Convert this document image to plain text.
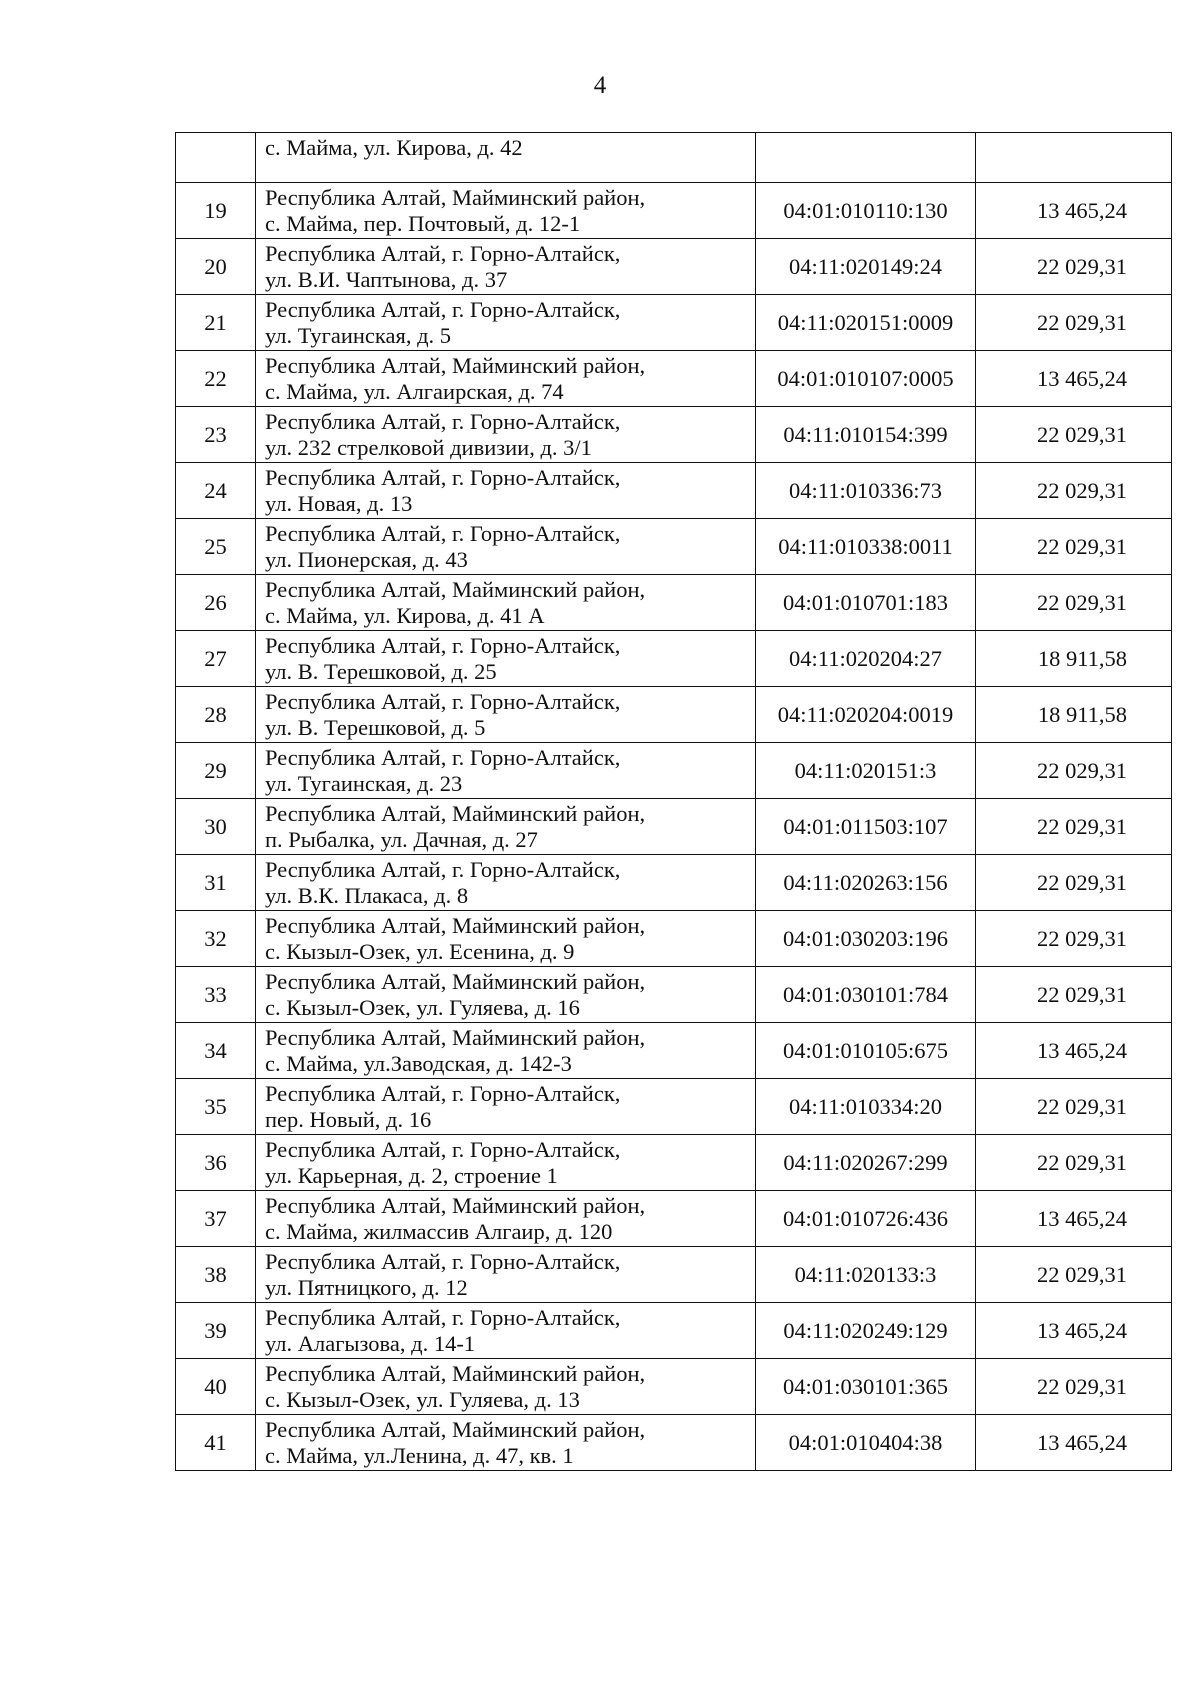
4

	с. Майма, ул. Кирова, д. 42		

19	Республика Алтай, Майминский район,
с. Майма, пер. Почтовый, д. 12-1	04:01:010110:130	13 465,24
20	Республика Алтай, г. Горно-Алтайск,
ул. В.И. Чаптынова, д. 37	04:11:020149:24	22 029,31
21	Республика Алтай, г. Горно-Алтайск,
ул. Тугаинская, д. 5	04:11:020151:0009	22 029,31
22	Республика Алтай, Майминский район,
с. Майма, ул. Алгаирская, д. 74	04:01:010107:0005	13 465,24
23	Республика Алтай, г. Горно-Алтайск,
ул. 232 стрелковой дивизии, д. 3/1	04:11:010154:399	22 029,31
24	Республика Алтай, г. Горно-Алтайск,
ул. Новая, д. 13	04:11:010336:73	22 029,31
25	Республика Алтай, г. Горно-Алтайск,
ул. Пионерская, д. 43	04:11:010338:0011	22 029,31
26	Республика Алтай, Майминский район,
с. Майма, ул. Кирова, д. 41 А	04:01:010701:183	22 029,31
27	Республика Алтай, г. Горно-Алтайск,
ул. В. Терешковой, д. 25	04:11:020204:27	18 911,58
28	Республика Алтай, г. Горно-Алтайск,
ул. В. Терешковой, д. 5	04:11:020204:0019	18 911,58
29	Республика Алтай, г. Горно-Алтайск,
ул. Тугаинская, д. 23	04:11:020151:3	22 029,31
30	Республика Алтай, Майминский район,
п. Рыбалка, ул. Дачная, д. 27	04:01:011503:107	22 029,31
31	Республика Алтай, г. Горно-Алтайск,
ул. В.К. Плакаса, д. 8	04:11:020263:156	22 029,31
32	Республика Алтай, Майминский район,
с. Кызыл-Озек, ул. Есенина, д. 9	04:01:030203:196	22 029,31
33	Республика Алтай, Майминский район,
с. Кызыл-Озек, ул. Гуляева, д. 16	04:01:030101:784	22 029,31
34	Республика Алтай, Майминский район,
с. Майма, ул.Заводская, д. 142-3	04:01:010105:675	13 465,24
35	Республика Алтай, г. Горно-Алтайск,
пер. Новый, д. 16	04:11:010334:20	22 029,31
36	Республика Алтай, г. Горно-Алтайск,
ул. Карьерная, д. 2, строение 1	04:11:020267:299	22 029,31
37	Республика Алтай, Майминский район,
с. Майма, жилмассив Алгаир, д. 120	04:01:010726:436	13 465,24
38	Республика Алтай, г. Горно-Алтайск,
ул. Пятницкого, д. 12	04:11:020133:3	22 029,31
39	Республика Алтай, г. Горно-Алтайск,
ул. Алагызова, д. 14-1	04:11:020249:129	13 465,24
40	Республика Алтай, Майминский район,
с. Кызыл-Озек, ул. Гуляева, д. 13	04:01:030101:365	22 029,31
41	Республика Алтай, Майминский район,
с. Майма, ул.Ленина, д. 47, кв. 1	04:01:010404:38	13 465,24
